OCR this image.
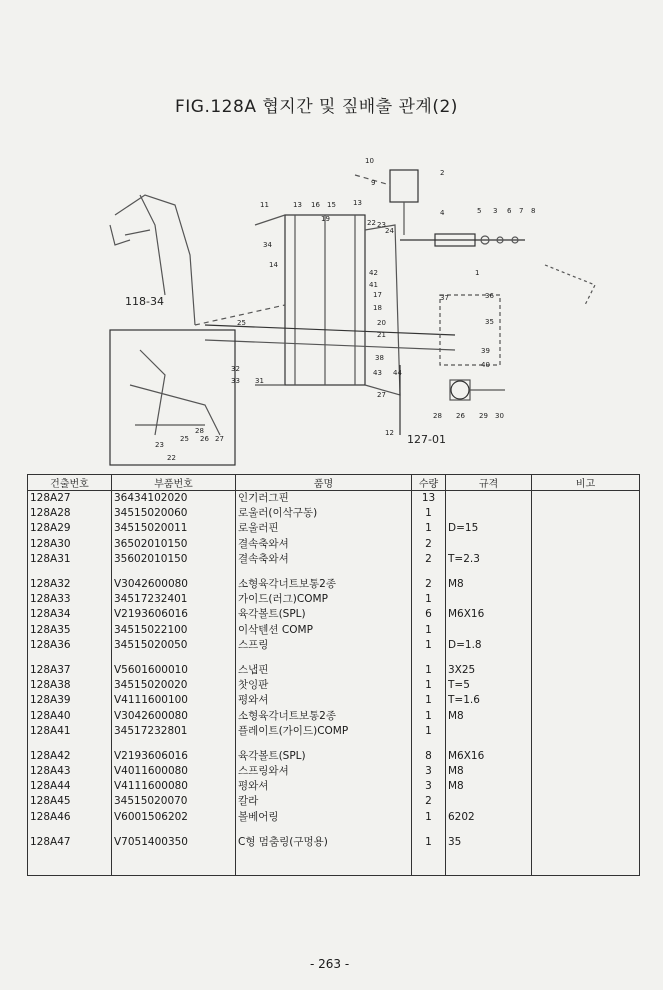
FIG.128A 협지간 및 짚배출 관계(2)
10
9
2
11	13 16 15 13
4	5 3 6 7 8
19	22 23
24
34
14
42
41
17
18
20
21
31
32
33
37	36
35
39
40
43 44
26
28	29 30
27
38
12
1
25
118-34
127-01
23
25 26 27
28
22
건출번호	부품번호	품명	수량	규격	비고
128A27	36434102020	인기러그핀	13		
128A28	34515020060	로울러(이삭구동)	1		
128A29	34515020011	로울러핀	1	D=15	
128A30	36502010150	결속축와셔	2		
128A31	35602010150	결속축와셔	2	T=2.3	

128A32	V3042600080	소형육각너트보통2종	2	M8	
128A33	34517232401	가이드(러그)COMP	1		
128A34	V2193606016	육각볼트(SPL)	6	M6X16	
128A35	34515022100	이삭텐션 COMP	1		
128A36	34515020050	스프링	1	D=1.8	

128A37	V5601600010	스냅핀	1	3X25	
128A38	34515020020	찻잉판	1	T=5	
128A39	V4111600100	평와셔	1	T=1.6	
128A40	V3042600080	소형육각너트보통2종	1	M8	
128A41	34517232801	플레이트(가이드)COMP	1		

128A42	V2193606016	육각볼트(SPL)	8	M6X16	
128A43	V4011600080	스프링와셔	3	M8	
128A44	V4111600080	평와셔	3	M8	
128A45	34515020070	칼라	2		
128A46	V6001506202	볼베어링	1	6202	

128A47	V7051400350	C형 멈춤링(구멍용)	1	35	
- 263 -
